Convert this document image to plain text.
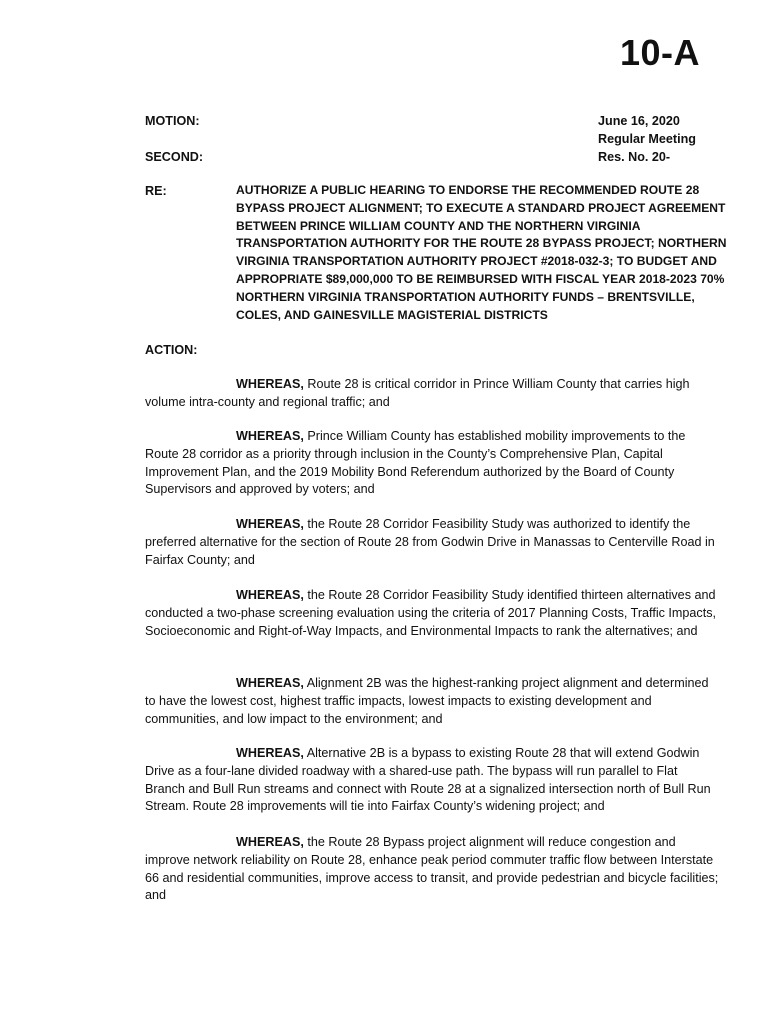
10-A
MOTION:
SECOND:
June 16, 2020
Regular Meeting
Res. No. 20-
RE:	AUTHORIZE A PUBLIC HEARING TO ENDORSE THE RECOMMENDED ROUTE 28 BYPASS PROJECT ALIGNMENT; TO EXECUTE A STANDARD PROJECT AGREEMENT BETWEEN PRINCE WILLIAM COUNTY AND THE NORTHERN VIRGINIA TRANSPORTATION AUTHORITY FOR THE ROUTE 28 BYPASS PROJECT; NORTHERN VIRGINIA TRANSPORTATION AUTHORITY PROJECT #2018-032-3; TO BUDGET AND APPROPRIATE $89,000,000 TO BE REIMBURSED WITH FISCAL YEAR 2018-2023 70% NORTHERN VIRGINIA TRANSPORTATION AUTHORITY FUNDS – BRENTSVILLE, COLES, AND GAINESVILLE MAGISTERIAL DISTRICTS
ACTION:
WHEREAS, Route 28 is critical corridor in Prince William County that carries high volume intra-county and regional traffic; and
WHEREAS, Prince William County has established mobility improvements to the Route 28 corridor as a priority through inclusion in the County’s Comprehensive Plan, Capital Improvement Plan, and the 2019 Mobility Bond Referendum authorized by the Board of County Supervisors and approved by voters; and
WHEREAS, the Route 28 Corridor Feasibility Study was authorized to identify the preferred alternative for the section of Route 28 from Godwin Drive in Manassas to Centerville Road in Fairfax County; and
WHEREAS, the Route 28 Corridor Feasibility Study identified thirteen alternatives and conducted a two-phase screening evaluation using the criteria of 2017 Planning Costs, Traffic Impacts, Socioeconomic and Right-of-Way Impacts, and Environmental Impacts to rank the alternatives; and
WHEREAS, Alignment 2B was the highest-ranking project alignment and determined to have the lowest cost, highest traffic impacts, lowest impacts to existing development and communities, and low impact to the environment; and
WHEREAS, Alternative 2B is a bypass to existing Route 28 that will extend Godwin Drive as a four-lane divided roadway with a shared-use path. The bypass will run parallel to Flat Branch and Bull Run streams and connect with Route 28 at a signalized intersection north of Bull Run Stream. Route 28 improvements will tie into Fairfax County’s widening project; and
WHEREAS, the Route 28 Bypass project alignment will reduce congestion and improve network reliability on Route 28, enhance peak period commuter traffic flow between Interstate 66 and residential communities, improve access to transit, and provide pedestrian and bicycle facilities; and
